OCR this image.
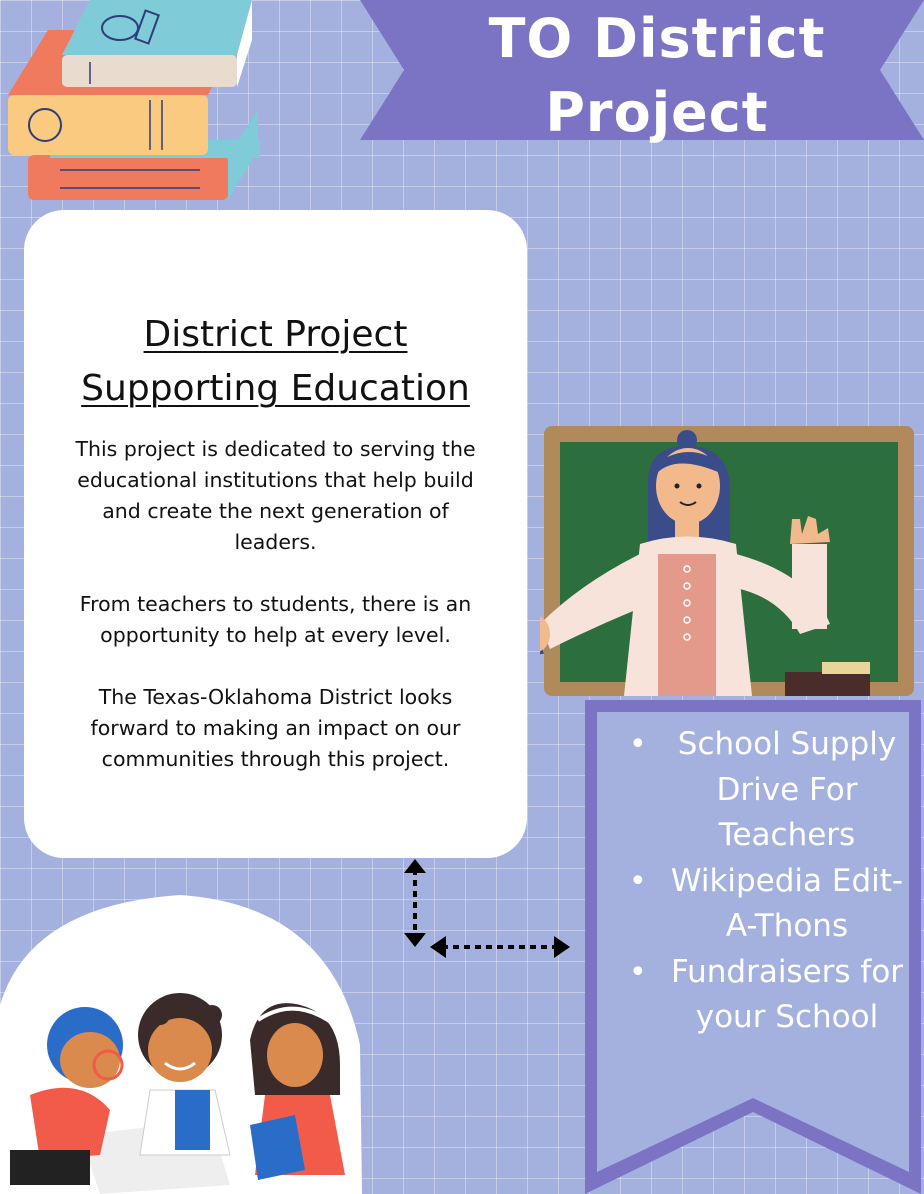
TO District Project
District Project
Supporting Education

This project is dedicated to serving the educational institutions that help build and create the next generation of leaders.

From teachers to students, there is an opportunity to help at every level.

The Texas-Oklahoma District looks forward to making an impact on our communities through this project.	• School Supply Drive For Teachers
• Wikipedia Edit-A-Thons
• Fundraisers for your School
